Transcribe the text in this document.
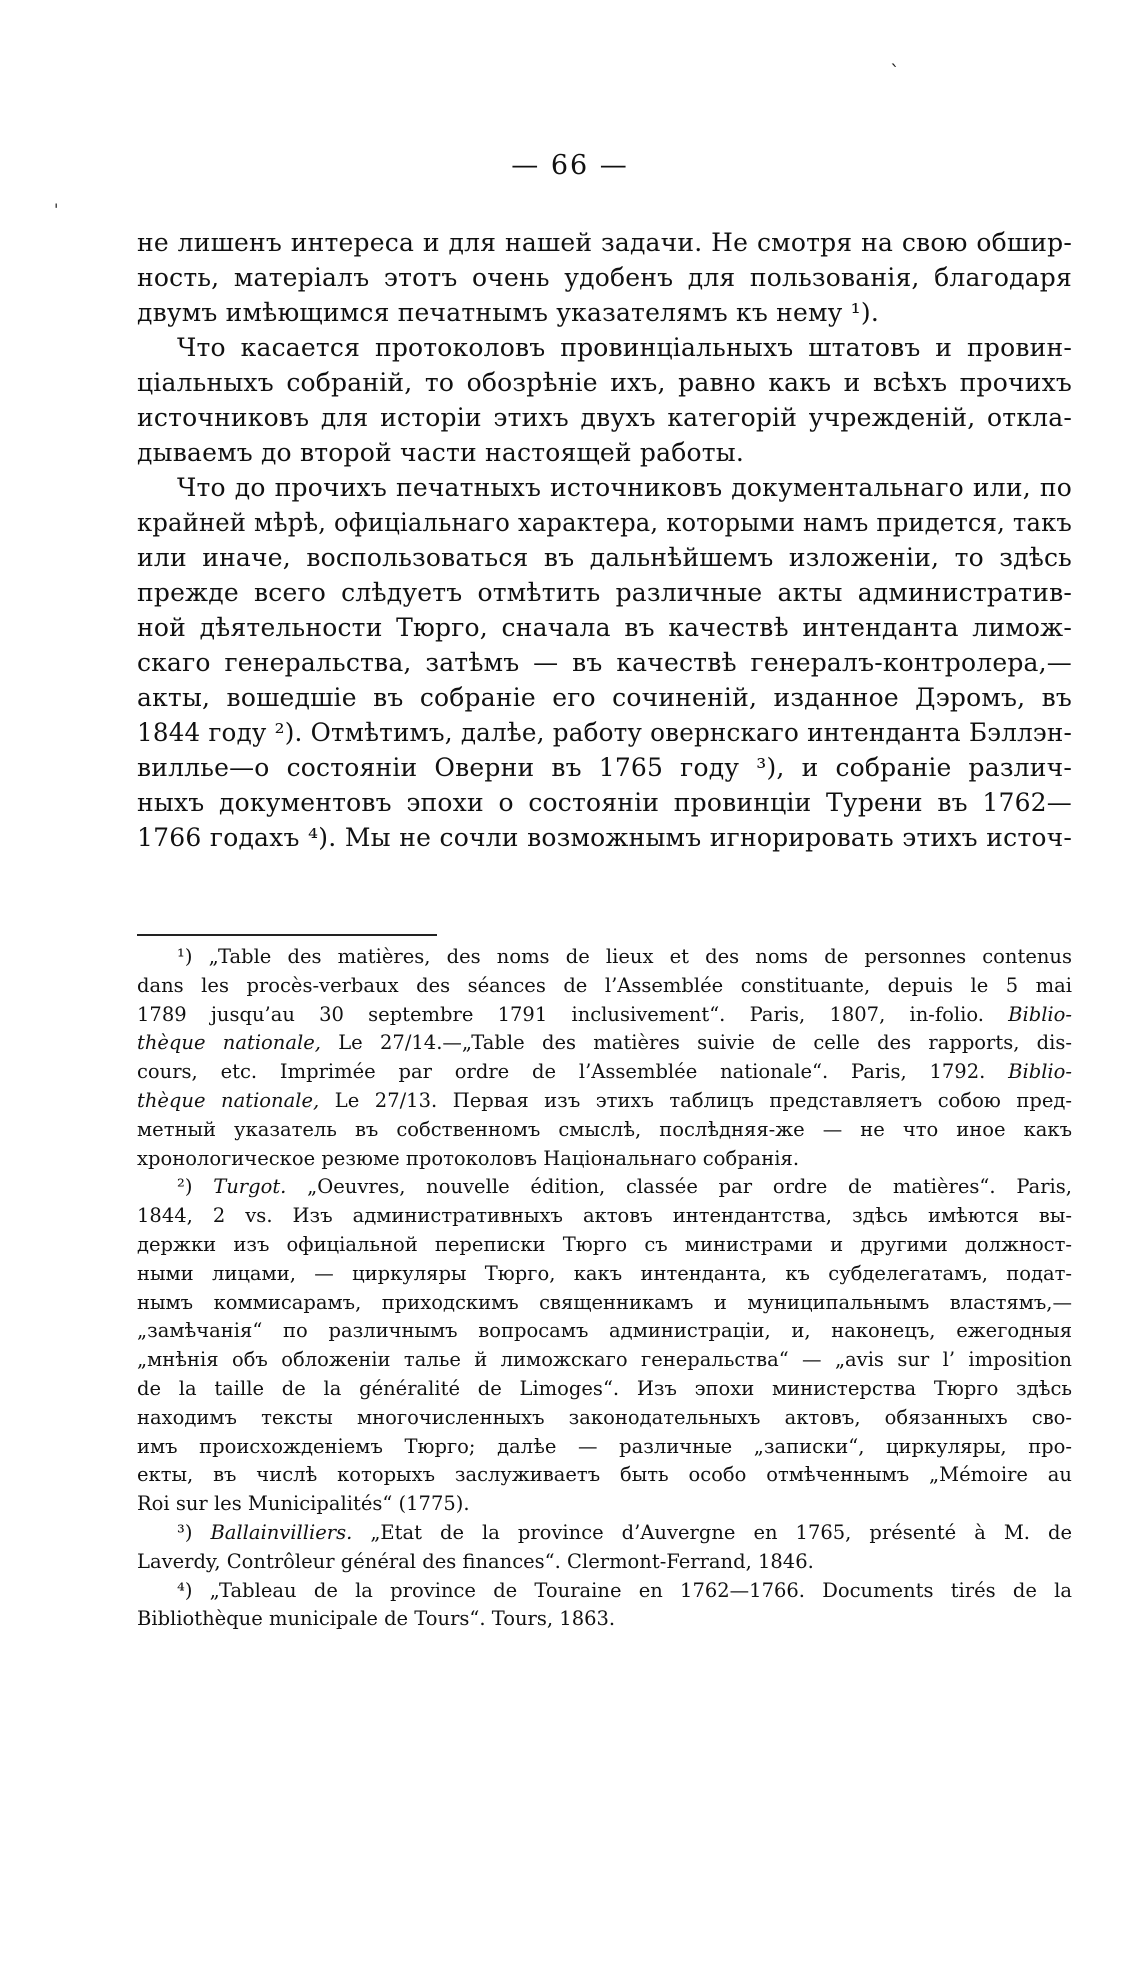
`
'
— 66 —
не лишенъ интереса и для нашей задачи. Не смотря на свою обшир-
ность, матеріалъ этотъ очень удобенъ для пользованія, благодаря
двумъ имѣющимся печатнымъ указателямъ къ нему ¹).
Что касается протоколовъ провинціальныхъ штатовъ и провин-
ціальныхъ собраній, то обозрѣніе ихъ, равно какъ и всѣхъ прочихъ
источниковъ для исторіи этихъ двухъ категорій учрежденій, откла-
дываемъ до второй части настоящей работы.
Что до прочихъ печатныхъ источниковъ документальнаго или, по
крайней мѣрѣ, офиціальнаго характера, которыми намъ придется, такъ
или иначе, воспользоваться въ дальнѣйшемъ изложеніи, то здѣсь
прежде всего слѣдуетъ отмѣтить различные акты административ-
ной дѣятельности Тюрго, сначала въ качествѣ интенданта лимож-
скаго генеральства, затѣмъ — въ качествѣ генералъ-контролера,—
акты, вошедшіе въ собраніе его сочиненій, изданное Дэромъ, въ
1844 году ²). Отмѣтимъ, далѣе, работу овернскаго интенданта Бэллэн-
виллье—о состояніи Оверни въ 1765 году ³), и собраніе различ-
ныхъ документовъ эпохи о состояніи провинціи Турени въ 1762—
1766 годахъ ⁴). Мы не сочли возможнымъ игнорировать этихъ источ-
¹) „Table des matières, des noms de lieux et des noms de personnes contenus
dans les procès-verbaux des séances de l’Assemblée constituante, depuis le 5 mai
1789 jusqu’au 30 septembre 1791 inclusivement“. Paris, 1807, in-folio. Biblio-
thèque nationale, Le 27/14.—„Table des matières suivie de celle des rapports, dis-
cours, etc. Imprimée par ordre de l’Assemblée nationale“. Paris, 1792. Biblio-
thèque nationale, Le 27/13. Первая изъ этихъ таблицъ представляетъ собою пред-
метный указатель въ собственномъ смыслѣ, послѣдняя-же — не что иное какъ
хронологическое резюме протоколовъ Національнаго собранія.
²) Turgot. „Oeuvres, nouvelle édition, classée par ordre de matières“. Paris,
1844, 2 vs. Изъ административныхъ актовъ интендантства, здѣсь имѣются вы-
держки изъ офиціальной переписки Тюрго съ министрами и другими должност-
ными лицами, — циркуляры Тюрго, какъ интенданта, къ субделегатамъ, подат-
нымъ коммисарамъ, приходскимъ священникамъ и муниципальнымъ властямъ,—
„замѣчанія“ по различнымъ вопросамъ администраціи, и, наконецъ, ежегодныя
„мнѣнія объ обложеніи талье й лиможскаго генеральства“ — „avis sur l’ imposition
de la taille de la généralité de Limoges“. Изъ эпохи министерства Тюрго здѣсь
находимъ тексты многочисленныхъ законодательныхъ актовъ, обязанныхъ сво-
имъ происхожденіемъ Тюрго; далѣе — различные „записки“, циркуляры, про-
екты, въ числѣ которыхъ заслуживаетъ быть особо отмѣченнымъ „Mémoire au
Roi sur les Municipalités“ (1775).
³) Ballainvilliers. „Etat de la province d’Auvergne en 1765, présenté à M. de
Laverdy, Contrôleur général des finances“. Clermont-Ferrand, 1846.
⁴) „Tableau de la province de Touraine en 1762—1766. Documents tirés de la
Bibliothèque municipale de Tours“. Tours, 1863.
